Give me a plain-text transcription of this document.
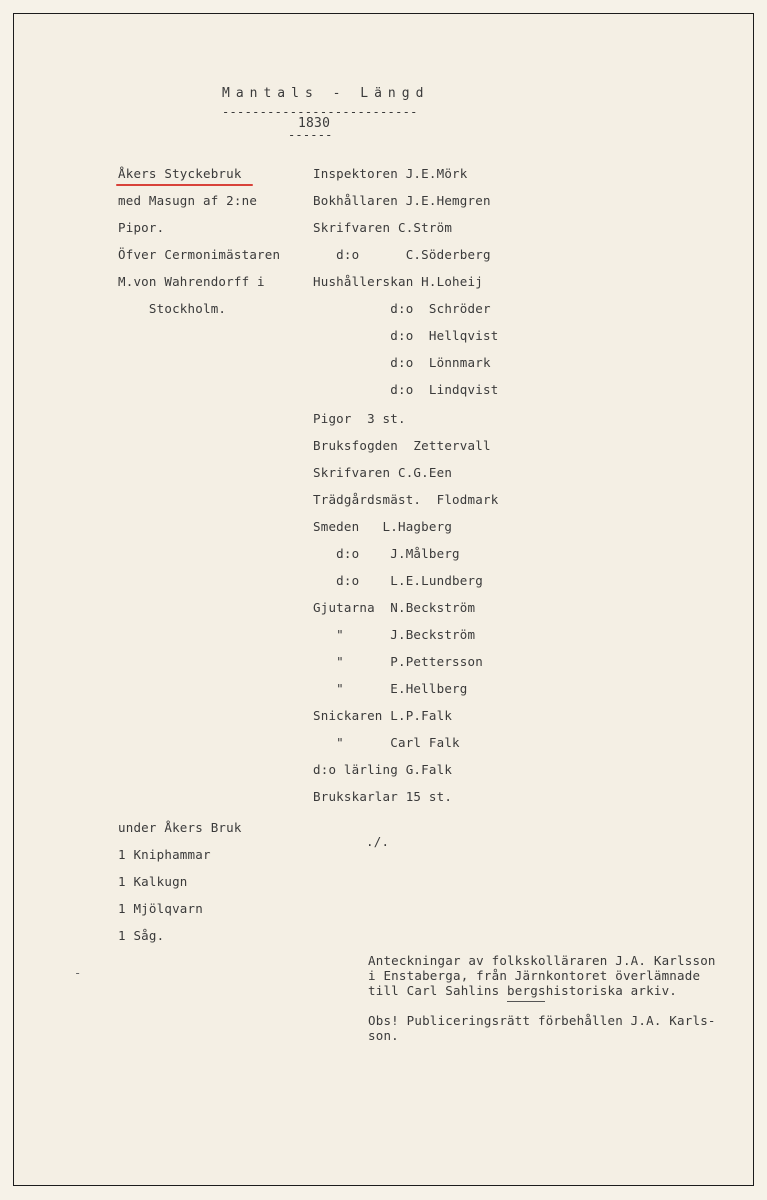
Mantals - Längd
--------------------------
1830
------
Åkers Styckebruk
med Masugn af 2:ne
Pipor.
Öfver Cermonimästaren
M.von Wahrendorff i
Stockholm.
Inspektoren J.E.Mörk
Bokhållaren J.E.Hemgren
Skrifvaren C.Ström
d:o      C.Söderberg
Hushållerskan H.Loheij
d:o  Schröder
d:o  Hellqvist
d:o  Lönnmark
d:o  Lindqvist
Pigor  3 st.
Bruksfogden  Zettervall
Skrifvaren C.G.Een
Trädgårdsmäst.  Flodmark
Smeden   L.Hagberg
d:o    J.Målberg
d:o    L.E.Lundberg
Gjutarna  N.Beckström
"      J.Beckström
"      P.Pettersson
"      E.Hellberg
Snickaren L.P.Falk
"      Carl Falk
d:o lärling G.Falk
Brukskarlar 15 st.
under Åkers Bruk
1 Kniphammar
1 Kalkugn
1 Mjölqvarn
1 Såg.
./.
Anteckningar av folkskolläraren J.A. Karlsson
i Enstaberga, från Järnkontoret överlämnade
till Carl Sahlins bergshistoriska arkiv.
Obs! Publiceringsrätt förbehållen J.A. Karls-
son.
-
